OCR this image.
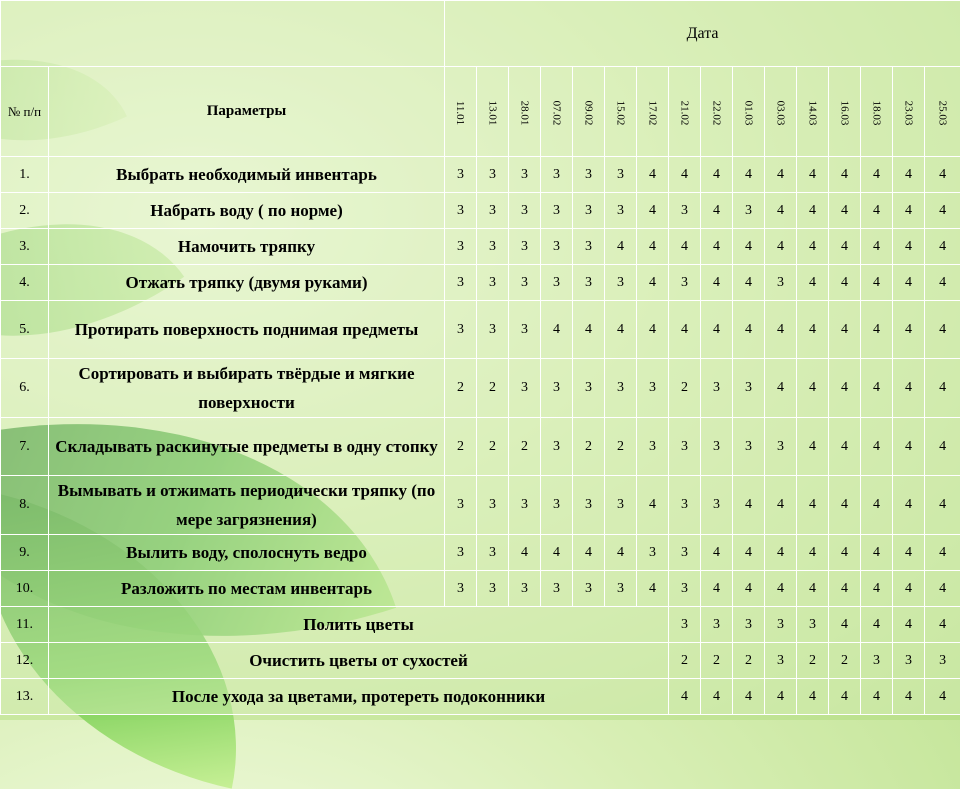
		Дата															
№ п/п	Параметры	11.01	13.01	28.01	07.02	09.02	15.02	17.02	21.02	22.02	01.03	03.03	14.03	16.03	18.03	23.03	25.03
1.	Выбрать необходимый инвентарь	3	3	3	3	3	3	4	4	4	4	4	4	4	4	4	4
2.	Набрать воду ( по норме)	3	3	3	3	3	3	4	3	4	3	4	4	4	4	4	4
3.	Намочить тряпку	3	3	3	3	3	4	4	4	4	4	4	4	4	4	4	4
4.	Отжать тряпку (двумя руками)	3	3	3	3	3	3	4	3	4	4	3	4	4	4	4	4
5.	Протирать поверхность поднимая предметы	3	3	3	4	4	4	4	4	4	4	4	4	4	4	4	4
6.	Сортировать и выбирать твёрдые и мягкие поверхности	2	2	3	3	3	3	3	2	3	3	4	4	4	4	4	4
7.	Складывать раскинутые предметы в одну стопку	2	2	2	3	2	2	3	3	3	3	3	4	4	4	4	4
8.	Вымывать и отжимать периодически тряпку (по мере загрязнения)	3	3	3	3	3	3	4	3	3	4	4	4	4	4	4	4
9.	Вылить воду, сполоснуть ведро	3	3	4	4	4	4	3	3	4	4	4	4	4	4	4	4
10.	Разложить по местам инвентарь	3	3	3	3	3	3	4	3	4	4	4	4	4	4	4	4
11.	Полить цветы								3	3	3	3	3	4	4	4	4
12.	Очистить цветы от сухостей								2	2	2	3	2	2	3	3	3
13.	После ухода за цветами, протереть подоконники								4	4	4	4	4	4	4	4	4
